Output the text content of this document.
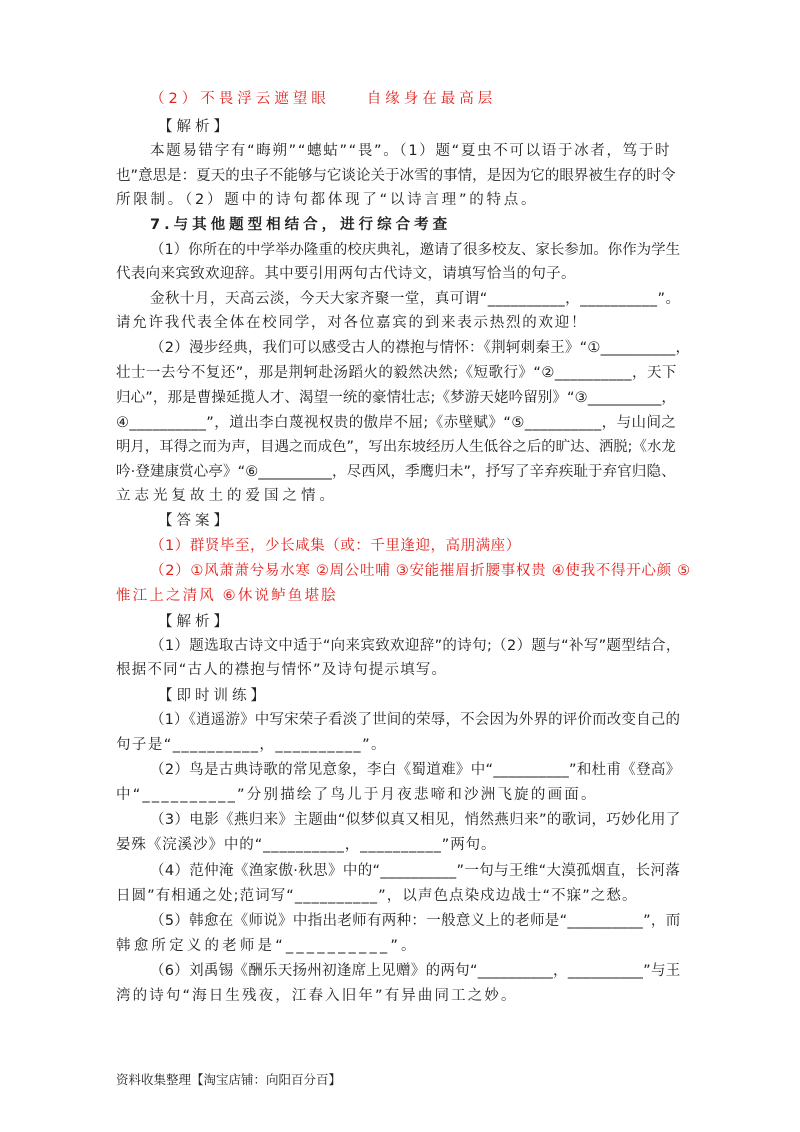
（2）不畏浮云遮望眼　　自缘身在最高层
【解析】
本题易错字有“晦朔”“蟪蛄”“畏”。（1）题“夏虫不可以语于冰者，笃于时
也”意思是：夏天的虫子不能够与它谈论关于冰雪的事情，是因为它的眼界被生存的时令
所限制。（2）题中的诗句都体现了“以诗言理”的特点。
7.与其他题型相结合，进行综合考查
（1）你所在的中学举办隆重的校庆典礼，邀请了很多校友、家长参加。你作为学生
代表向来宾致欢迎辞。其中要引用两句古代诗文，请填写恰当的句子。
金秋十月，天高云淡，今天大家齐聚一堂，真可谓“__________，__________”。
请允许我代表全体在校同学，对各位嘉宾的到来表示热烈的欢迎！
（2）漫步经典，我们可以感受古人的襟抱与情怀：《荆轲刺秦王》“①__________，
壮士一去兮不复还”，那是荆轲赴汤蹈火的毅然决然;《短歌行》“②__________，天下
归心”，那是曹操延揽人才、渴望一统的豪情壮志;《梦游天姥吟留别》“③__________，
④__________”，道出李白蔑视权贵的傲岸不屈;《赤壁赋》“⑤__________，与山间之
明月，耳得之而为声，目遇之而成色”，写出东坡经历人生低谷之后的旷达、洒脱;《水龙
吟·登建康赏心亭》“⑥__________，尽西风，季鹰归未”，抒写了辛弃疾耻于弃官归隐、
立志光复故土的爱国之情。
【答案】
（1）群贤毕至，少长咸集（或：千里逢迎，高朋满座）
（2）①风萧萧兮易水寒 ②周公吐哺 ③安能摧眉折腰事权贵 ④使我不得开心颜 ⑤
惟江上之清风 ⑥休说鲈鱼堪脍
【解析】
（1）题选取古诗文中适于“向来宾致欢迎辞”的诗句;（2）题与“补写”题型结合，
根据不同“古人的襟抱与情怀”及诗句提示填写。
【即时训练】
（1）《逍遥游》中写宋荣子看淡了世间的荣辱，不会因为外界的评价而改变自己的
句子是“__________，__________”。
（2）鸟是古典诗歌的常见意象，李白《蜀道难》中“__________”和杜甫《登高》
中“__________”分别描绘了鸟儿于月夜悲啼和沙洲飞旋的画面。
（3）电影《燕归来》主题曲“似梦似真又相见，悄然燕归来”的歌词，巧妙化用了
晏殊《浣溪沙》中的“__________，__________”两句。
（4）范仲淹《渔家傲·秋思》中的“__________”一句与王维“大漠孤烟直，长河落
日圆”有相通之处;范词写“__________”，以声色点染戍边战士“不寐”之愁。
（5）韩愈在《师说》中指出老师有两种：一般意义上的老师是“__________”，而
韩愈所定义的老师是“__________”。
（6）刘禹锡《酬乐天扬州初逢席上见赠》的两句“__________，__________”与王
湾的诗句“海日生残夜，江春入旧年”有异曲同工之妙。
资料收集整理【淘宝店铺：向阳百分百】
